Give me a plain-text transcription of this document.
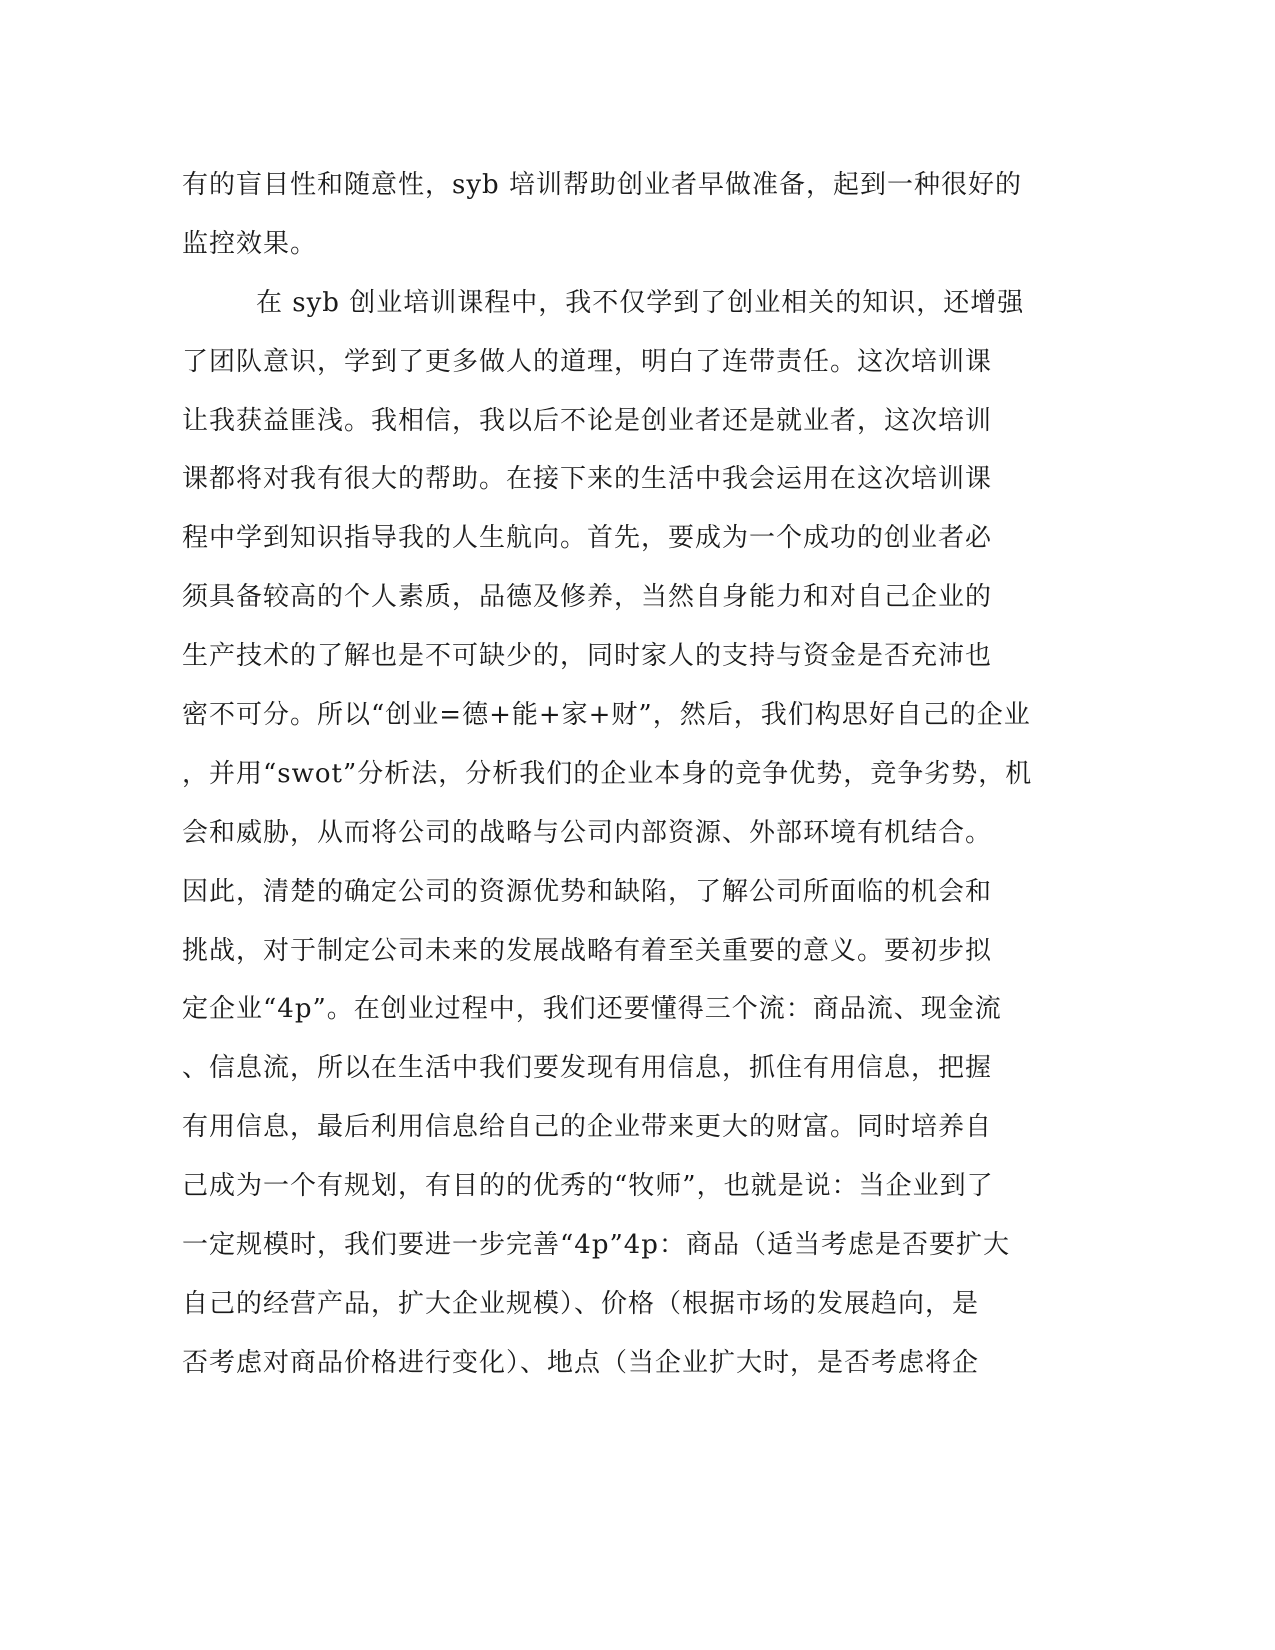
有的盲目性和随意性，syb 培训帮助创业者早做准备，起到一种很好的
监控效果。
在 syb 创业培训课程中，我不仅学到了创业相关的知识，还增强
了团队意识，学到了更多做人的道理，明白了连带责任。这次培训课
让我获益匪浅。我相信，我以后不论是创业者还是就业者，这次培训
课都将对我有很大的帮助。在接下来的生活中我会运用在这次培训课
程中学到知识指导我的人生航向。首先，要成为一个成功的创业者必
须具备较高的个人素质，品德及修养，当然自身能力和对自己企业的
生产技术的了解也是不可缺少的，同时家人的支持与资金是否充沛也
密不可分。所以“创业=德+能+家+财”，然后，我们构思好自己的企业
，并用“swot”分析法，分析我们的企业本身的竞争优势，竞争劣势，机
会和威胁，从而将公司的战略与公司内部资源、外部环境有机结合。
因此，清楚的确定公司的资源优势和缺陷，了解公司所面临的机会和
挑战，对于制定公司未来的发展战略有着至关重要的意义。要初步拟
定企业“4p”。在创业过程中，我们还要懂得三个流：商品流、现金流
、信息流，所以在生活中我们要发现有用信息，抓住有用信息，把握
有用信息，最后利用信息给自己的企业带来更大的财富。同时培养自
己成为一个有规划，有目的的优秀的“牧师”，也就是说：当企业到了
一定规模时，我们要进一步完善“4p”4p：商品（适当考虑是否要扩大
自己的经营产品，扩大企业规模）、价格（根据市场的发展趋向，是
否考虑对商品价格进行变化）、地点（当企业扩大时，是否考虑将企
